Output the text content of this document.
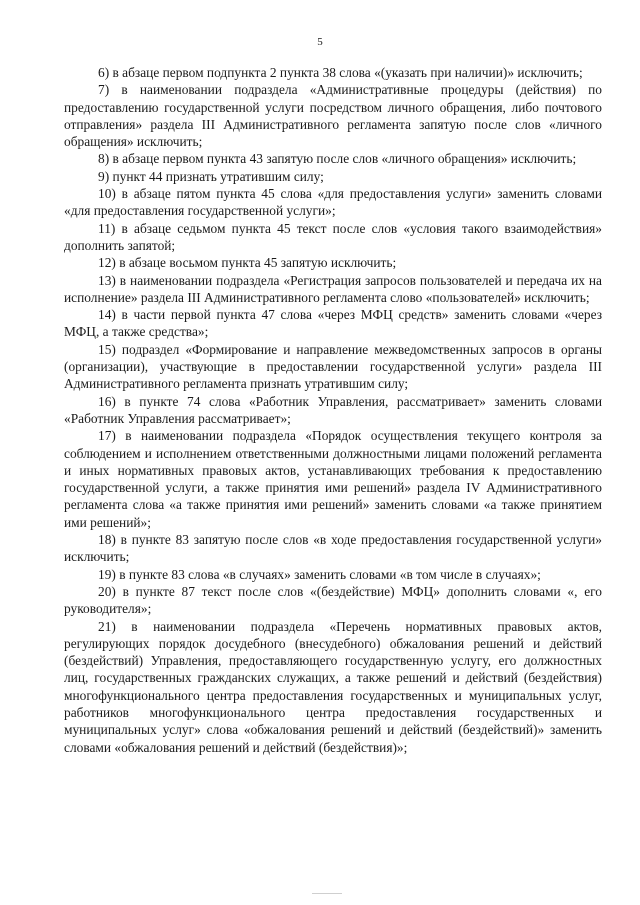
5

6) в абзаце первом подпункта 2 пункта 38 слова «(указать при наличии)» исключить;

7) в наименовании подраздела «Административные процедуры (действия) по предоставлению государственной услуги посредством личного обращения, либо почтового отправления» раздела III Административного регламента запятую после слов «личного обращения» исключить;

8) в абзаце первом пункта 43 запятую после слов «личного обращения» исключить;

9) пункт 44 признать утратившим силу;

10) в абзаце пятом пункта 45 слова «для предоставления услуги» заменить словами «для предоставления государственной услуги»;

11) в абзаце седьмом пункта 45 текст после слов «условия такого взаимодействия» дополнить запятой;

12) в абзаце восьмом пункта 45 запятую исключить;

13) в наименовании подраздела «Регистрация запросов пользователей и передача их на исполнение» раздела III Административного регламента слово «пользователей» исключить;

14) в части первой пункта 47 слова «через МФЦ средств» заменить словами «через МФЦ, а также средства»;

15) подраздел «Формирование и направление межведомственных запросов в органы (организации), участвующие в предоставлении государственной услуги» раздела III Административного регламента признать утратившим силу;

16) в пункте 74 слова «Работник Управления, рассматривает» заменить словами «Работник Управления рассматривает»;

17) в наименовании подраздела «Порядок осуществления текущего контроля за соблюдением и исполнением ответственными должностными лицами положений регламента и иных нормативных правовых актов, устанавливающих требования к предоставлению государственной услуги, а также принятия ими решений» раздела IV Административного регламента слова «а также принятия ими решений» заменить словами «а также принятием ими решений»;

18) в пункте 83 запятую после слов «в ходе предоставления государственной услуги» исключить;

19) в пункте 83 слова «в случаях» заменить словами «в том числе в случаях»;

20) в пункте 87 текст после слов «(бездействие) МФЦ» дополнить словами «, его руководителя»;

21) в наименовании подраздела «Перечень нормативных правовых актов, регулирующих порядок досудебного (внесудебного) обжалования решений и действий (бездействий) Управления, предоставляющего государственную услугу, его должностных лиц, государственных гражданских служащих, а также решений и действий (бездействия) многофункционального центра предоставления государственных и муниципальных услуг, работников многофункционального центра предоставления государственных и муниципальных услуг» слова «обжалования решений и действий (бездействий)» заменить словами «обжалования решений и действий (бездействия)»;
